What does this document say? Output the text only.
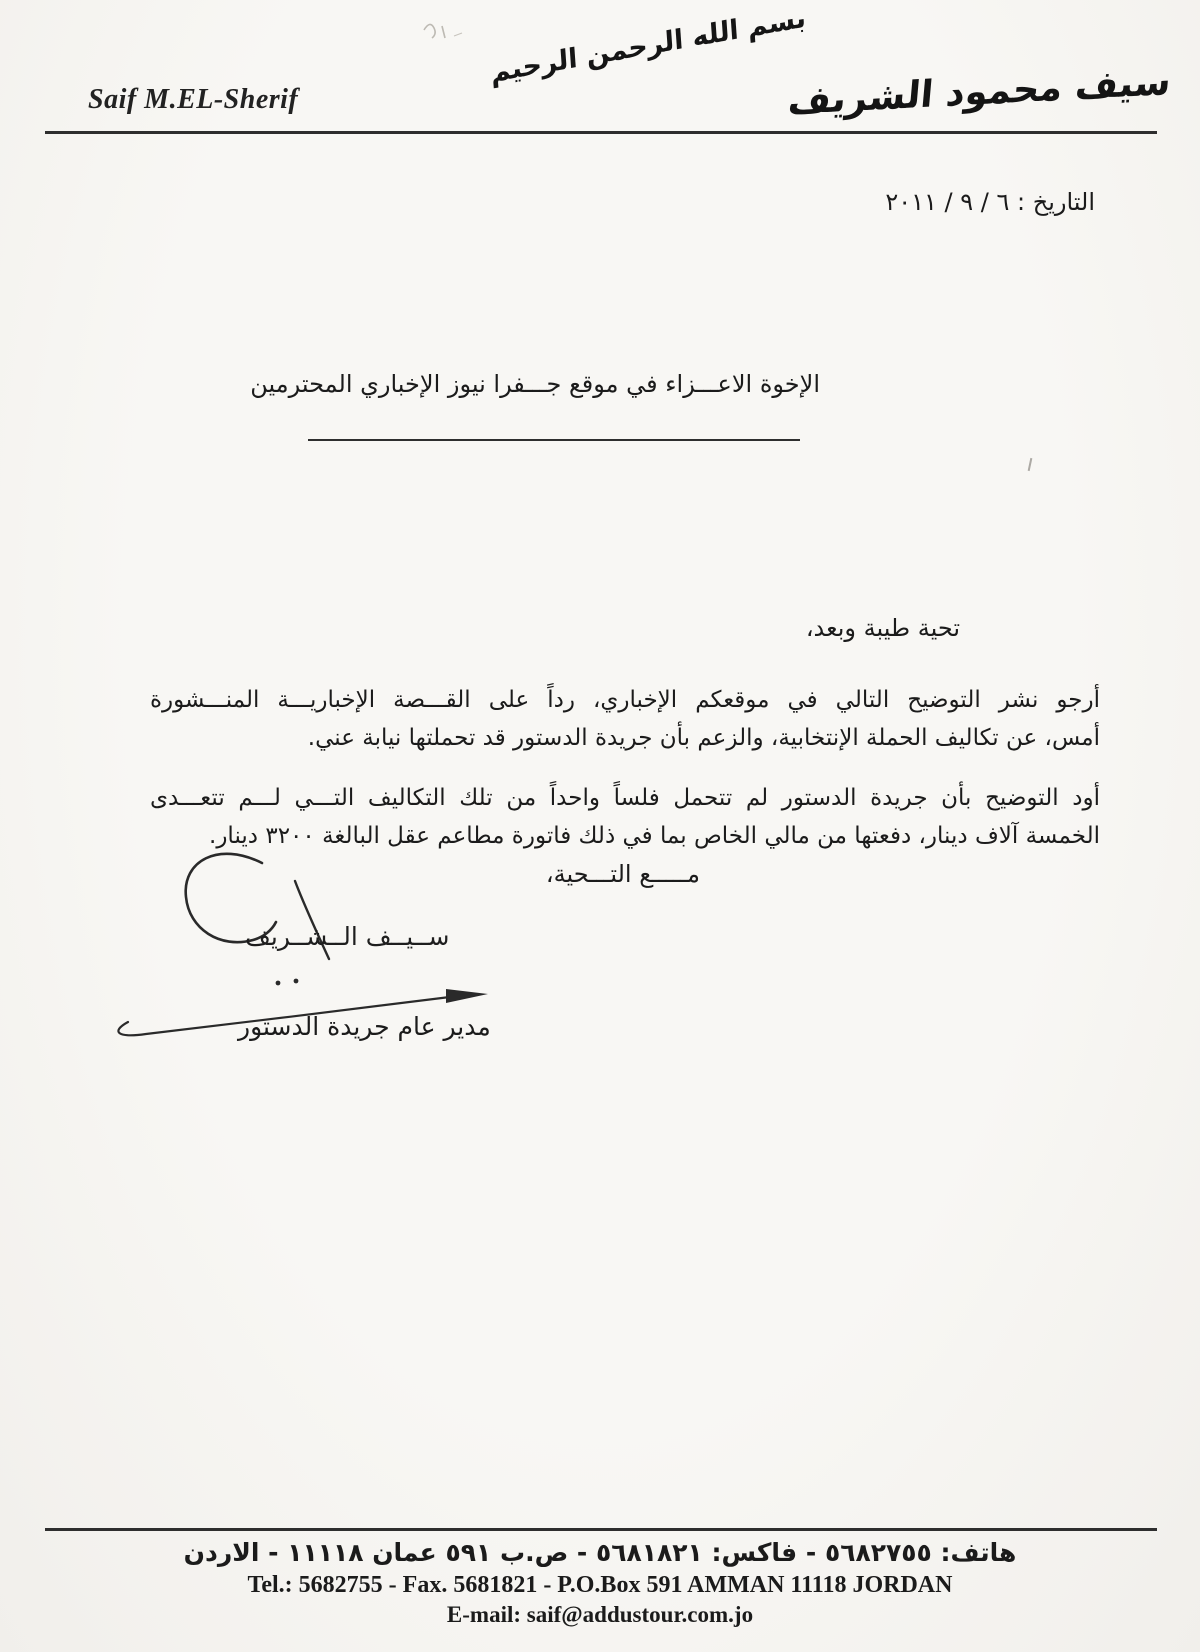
Saif M.EL-Sherif
بسم الله الرحمن الرحيم
سيف محمود الشريف
التاريخ : ٦ / ٩ / ٢٠١١
الإخوة الاعـــزاء في موقع جـــفرا نيوز الإخباري المحترمين
تحية طيبة وبعد،
أرجو نشر التوضيح التالي في موقعكم الإخباري، رداً على القـــصة الإخباريـــة المنـــشورة
أمس، عن تكاليف الحملة الإنتخابية، والزعم بأن جريدة الدستور قد تحملتها نيابة عني.
أود التوضيح بأن جريدة الدستور لم تتحمل فلساً واحداً من تلك التكاليف التـــي لـــم تتعـــدى
الخمسة آلاف دينار، دفعتها من مالي الخاص بما في ذلك فاتورة مطاعم عقل البالغة ٣٢٠٠ دينار.
مـــــع التـــحية،
ســيــف الــشــريف
مدير عام جريدة الدستور
هاتف: ٥٦٨٢٧٥٥ - فاكس: ٥٦٨١٨٢١ - ص.ب ٥٩١ عمان ١١١١٨ - الاردن
Tel.: 5682755 - Fax. 5681821 - P.O.Box 591 AMMAN 11118 JORDAN
E-mail: saif@addustour.com.jo
